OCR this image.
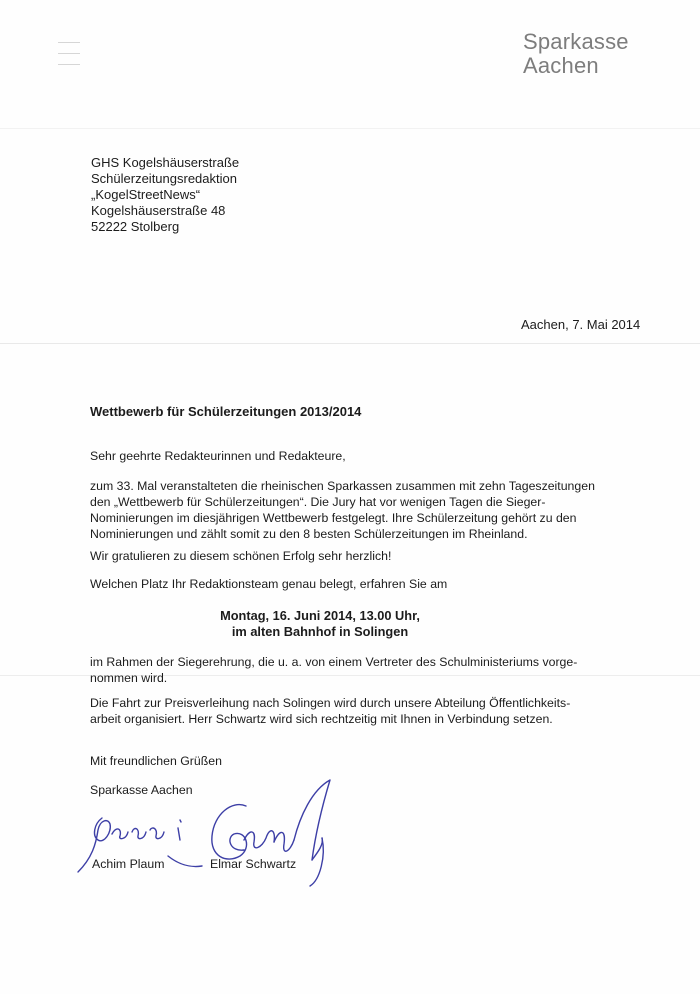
Sparkasse
Aachen
GHS Kogelshäuserstraße
Schülerzeitungsredaktion
„KogelStreetNews“
Kogelshäuserstraße 48
52222 Stolberg
Aachen, 7. Mai 2014
Wettbewerb für Schülerzeitungen 2013/2014
Sehr geehrte Redakteurinnen und Redakteure,
zum 33. Mal veranstalteten die rheinischen Sparkassen zusammen mit zehn Tageszeitungen
den „Wettbewerb für Schülerzeitungen“. Die Jury hat vor wenigen Tagen die Sieger-
Nominierungen im diesjährigen Wettbewerb festgelegt. Ihre Schülerzeitung gehört zu den
Nominierungen und zählt somit zu den 8 besten Schülerzeitungen im Rheinland.
Wir gratulieren zu diesem schönen Erfolg sehr herzlich!
Welchen Platz Ihr Redaktionsteam genau belegt, erfahren Sie am
Montag, 16. Juni 2014, 13.00 Uhr,
im alten Bahnhof in Solingen
im Rahmen der Siegerehrung, die u. a. von einem Vertreter des Schulministeriums vorge-
nommen wird.
Die Fahrt zur Preisverleihung nach Solingen wird durch unsere Abteilung Öffentlichkeits-
arbeit organisiert. Herr Schwartz wird sich rechtzeitig mit Ihnen in Verbindung setzen.
Mit freundlichen Grüßen
Sparkasse Aachen
Achim Plaum	Elmar Schwartz
